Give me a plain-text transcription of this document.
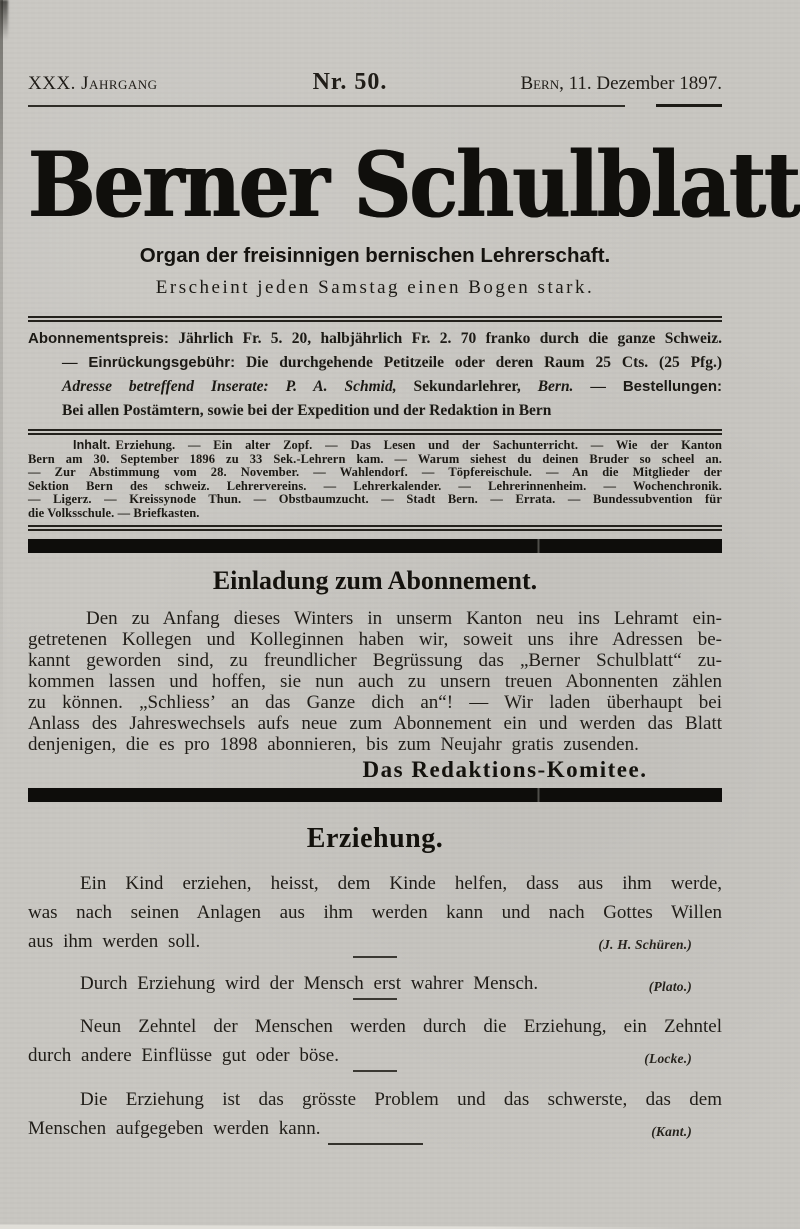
XXX. Jahrgang	Nr. 50.	Bern, 11. Dezember 1897.
Berner Schulblatt
Organ der freisinnigen bernischen Lehrerschaft.
Erscheint jeden Samstag einen Bogen stark.
Abonnementspreis: Jährlich Fr. 5. 20, halbjährlich Fr. 2. 70 franko durch die ganze Schweiz.
— Einrückungsgebühr: Die durchgehende Petitzeile oder deren Raum 25 Cts. (25 Pfg.)
Adresse betreffend Inserate: P. A. Schmid, Sekundarlehrer, Bern. — Bestellungen:
Bei allen Postämtern, sowie bei der Expedition und der Redaktion in Bern
Inhalt. Erziehung. — Ein alter Zopf. — Das Lesen und der Sachunterricht. — Wie der Kanton
Bern am 30. September 1896 zu 33 Sek.-Lehrern kam. — Warum siehest du deinen Bruder so scheel an.
— Zur Abstimmung vom 28. November. — Wahlendorf. — Töpfereischule. — An die Mitglieder der
Sektion Bern des schweiz. Lehrervereins. — Lehrerkalender. — Lehrerinnenheim. — Wochenchronik.
— Ligerz. — Kreissynode Thun. — Obstbaumzucht. — Stadt Bern. — Errata. — Bundessubvention für
die Volksschule. — Briefkasten.
Einladung zum Abonnement.
Den zu Anfang dieses Winters in unserm Kanton neu ins Lehramt ein-
getretenen Kollegen und Kolleginnen haben wir, soweit uns ihre Adressen be-
kannt geworden sind, zu freundlicher Begrüssung das „Berner Schulblatt“ zu-
kommen lassen und hoffen, sie nun auch zu unsern treuen Abonnenten zählen
zu können. „Schliess’ an das Ganze dich an“! — Wir laden überhaupt bei
Anlass des Jahreswechsels aufs neue zum Abonnement ein und werden das Blatt
denjenigen, die es pro 1898 abonnieren, bis zum Neujahr gratis zusenden.
Das Redaktions-Komitee.
Erziehung.
Ein Kind erziehen, heisst, dem Kinde helfen, dass aus ihm werde,
was nach seinen Anlagen aus ihm werden kann und nach Gottes Willen
aus ihm werden soll.	(J. H. Schüren.)
Durch Erziehung wird der Mensch erst wahrer Mensch.	(Plato.)
Neun Zehntel der Menschen werden durch die Erziehung, ein Zehntel
durch andere Einflüsse gut oder böse.	(Locke.)
Die Erziehung ist das grösste Problem und das schwerste, das dem
Menschen aufgegeben werden kann.	(Kant.)
